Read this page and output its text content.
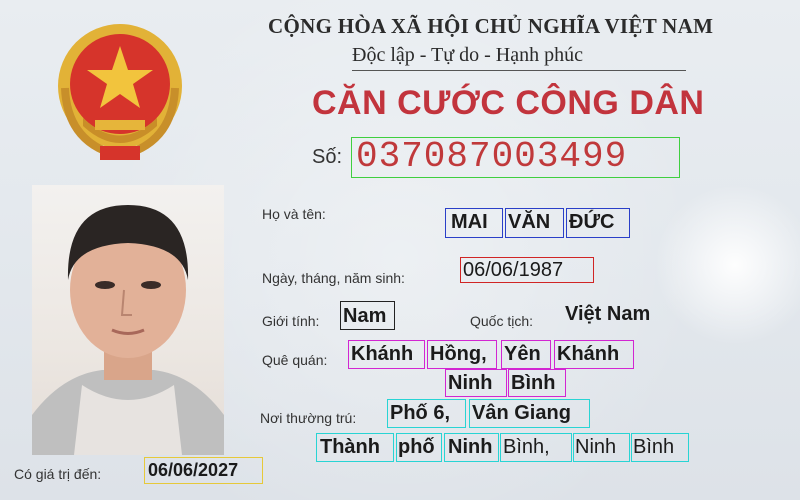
CỘNG HÒA XÃ HỘI CHỦ NGHĨA VIỆT NAM
Độc lập - Tự do - Hạnh phúc
CĂN CƯỚC CÔNG DÂN
Số: 037087003499
Họ và tên:	MAI VĂN ĐỨC
Ngày, tháng, năm sinh:	06/06/1987
Giới tính: Nam	Quốc tịch: Việt Nam
Quê quán: Khánh Hồng, Yên Khánh
Ninh Bình
Nơi thường trú: Phố 6, Vân Giang
Thành phố Ninh Bình, Ninh Bình
Có giá trị đến:	06/06/2027
